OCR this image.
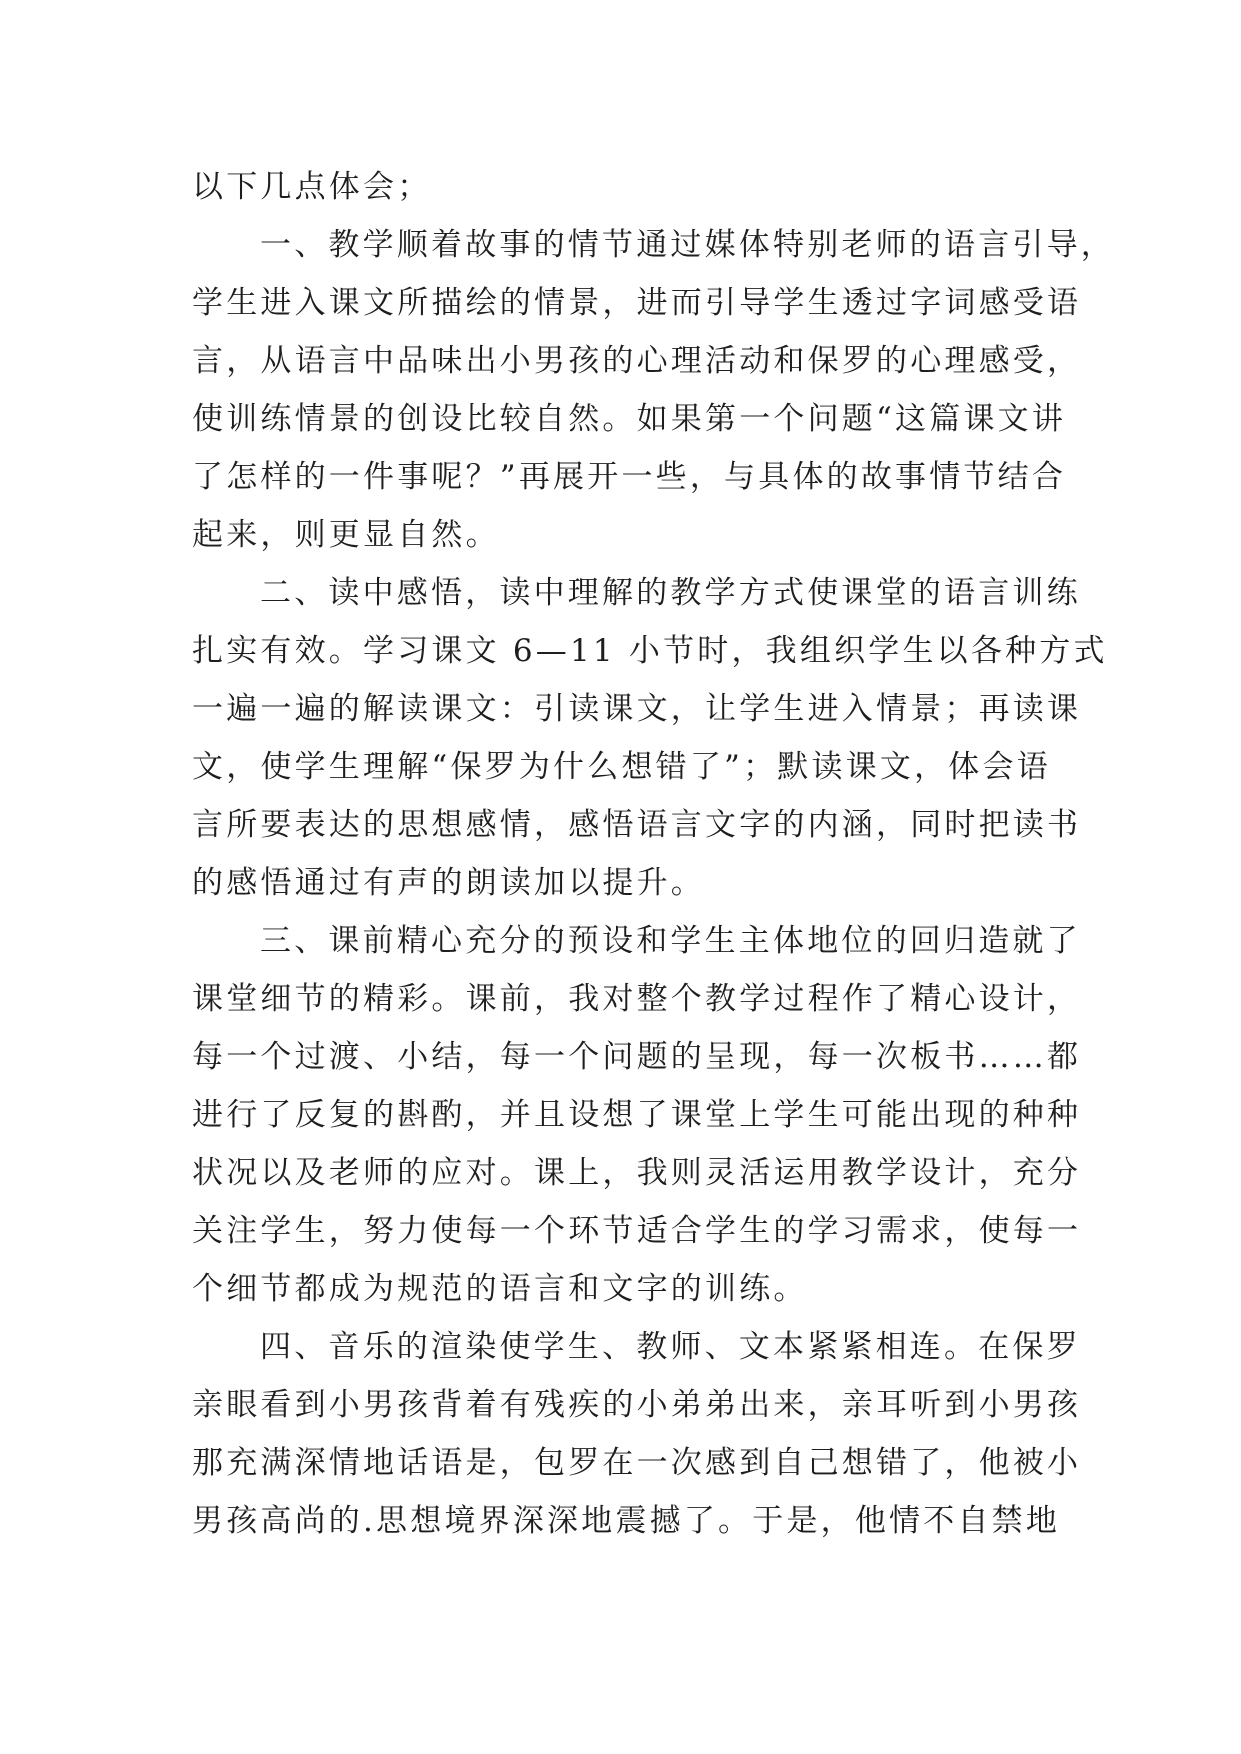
以下几点体会；
一、教学顺着故事的情节通过媒体特别老师的语言引导，
学生进入课文所描绘的情景，进而引导学生透过字词感受语
言，从语言中品味出小男孩的心理活动和保罗的心理感受，
使训练情景的创设比较自然。如果第一个问题“这篇课文讲
了怎样的一件事呢？”再展开一些，与具体的故事情节结合
起来，则更显自然。
二、读中感悟，读中理解的教学方式使课堂的语言训练
扎实有效。学习课文 6—11 小节时，我组织学生以各种方式
一遍一遍的解读课文：引读课文，让学生进入情景；再读课
文，使学生理解“保罗为什么想错了”；默读课文，体会语
言所要表达的思想感情，感悟语言文字的内涵，同时把读书
的感悟通过有声的朗读加以提升。
三、课前精心充分的预设和学生主体地位的回归造就了
课堂细节的精彩。课前，我对整个教学过程作了精心设计，
每一个过渡、小结，每一个问题的呈现，每一次板书……都
进行了反复的斟酌，并且设想了课堂上学生可能出现的种种
状况以及老师的应对。课上，我则灵活运用教学设计，充分
关注学生，努力使每一个环节适合学生的学习需求，使每一
个细节都成为规范的语言和文字的训练。
四、音乐的渲染使学生、教师、文本紧紧相连。在保罗
亲眼看到小男孩背着有残疾的小弟弟出来，亲耳听到小男孩
那充满深情地话语是，包罗在一次感到自己想错了，他被小
男孩高尚的.思想境界深深地震撼了。于是，他情不自禁地
